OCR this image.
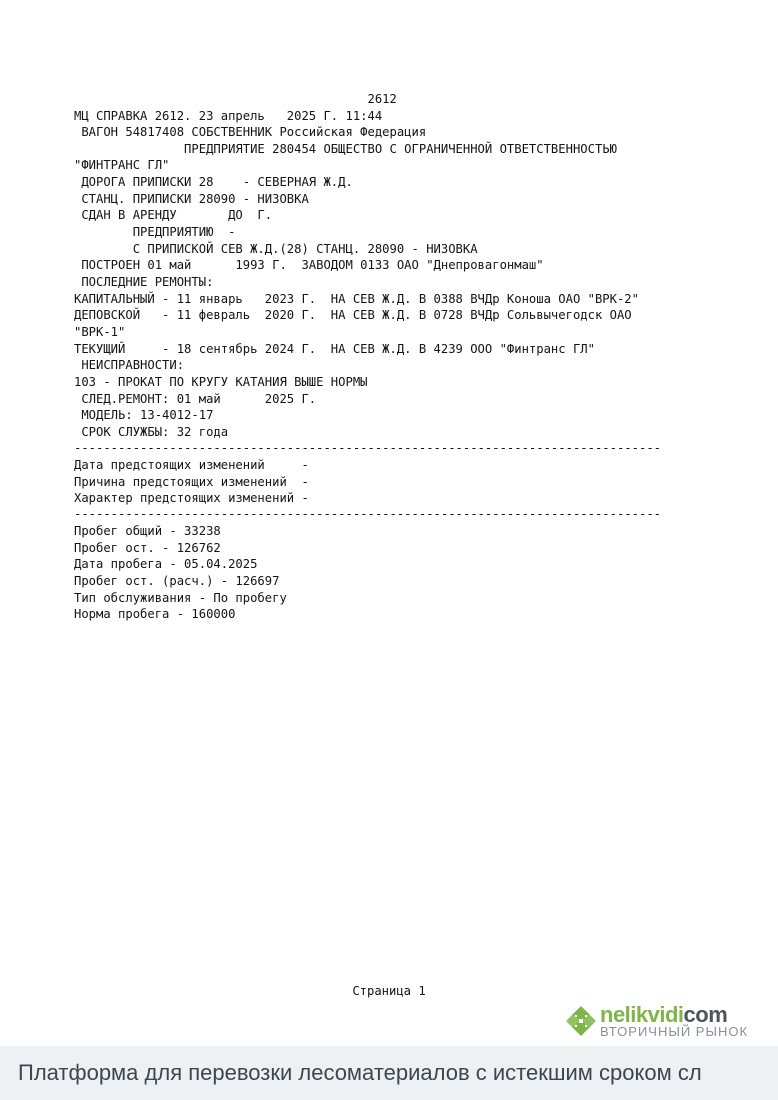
2612
МЦ СПРАВКА 2612. 23 апрель   2025 Г. 11:44
ВАГОН 54817408 СОБСТВЕННИК Российская Федерация
ПРЕДПРИЯТИЕ 280454 ОБЩЕСТВО С ОГРАНИЧЕННОЙ ОТВЕТСТВЕННОСТЬЮ
"ФИНТРАНС ГЛ"
ДОРОГА ПРИПИСКИ 28    - СЕВЕРНАЯ Ж.Д.
СТАНЦ. ПРИПИСКИ 28090 - НИЗОВКА
СДАН В АРЕНДУ       ДО  Г.
ПРЕДПРИЯТИЮ  -
С ПРИПИСКОЙ СЕВ Ж.Д.(28) СТАНЦ. 28090 - НИЗОВКА
ПОСТРОЕН 01 май      1993 Г.  ЗАВОДОМ 0133 ОАО "Днепровагонмаш"
ПОСЛЕДНИЕ РЕМОНТЫ:
КАПИТАЛЬНЫЙ - 11 январь   2023 Г.  НА СЕВ Ж.Д. В 0388 ВЧДр Коноша ОАО "ВРК-2"
ДЕПОВСКОЙ   - 11 февраль  2020 Г.  НА СЕВ Ж.Д. В 0728 ВЧДр Сольвычегодск ОАО
"ВРК-1"
ТЕКУЩИЙ     - 18 сентябрь 2024 Г.  НА СЕВ Ж.Д. В 4239 ООО "Финтранс ГЛ"
НЕИСПРАВНОСТИ:
103 - ПРОКАТ ПО КРУГУ КАТАНИЯ ВЫШЕ НОРМЫ
СЛЕД.РЕМОНТ: 01 май      2025 Г.
МОДЕЛЬ: 13-4012-17
СРОК СЛУЖБЫ: 32 года
--------------------------------------------------------------------------------
Дата предстоящих изменений     -
Причина предстоящих изменений  -
Характер предстоящих изменений -
--------------------------------------------------------------------------------
Пробег общий - 33238
Пробег ост. - 126762
Дата пробега - 05.04.2025
Пробег ост. (расч.) - 126697
Тип обслуживания - По пробегу
Норма пробега - 160000
Страница 1
nelikvidicom
ВТОРИЧНЫЙ РЫНОК
Платформа для перевозки лесоматериалов с истекшим сроком сл
